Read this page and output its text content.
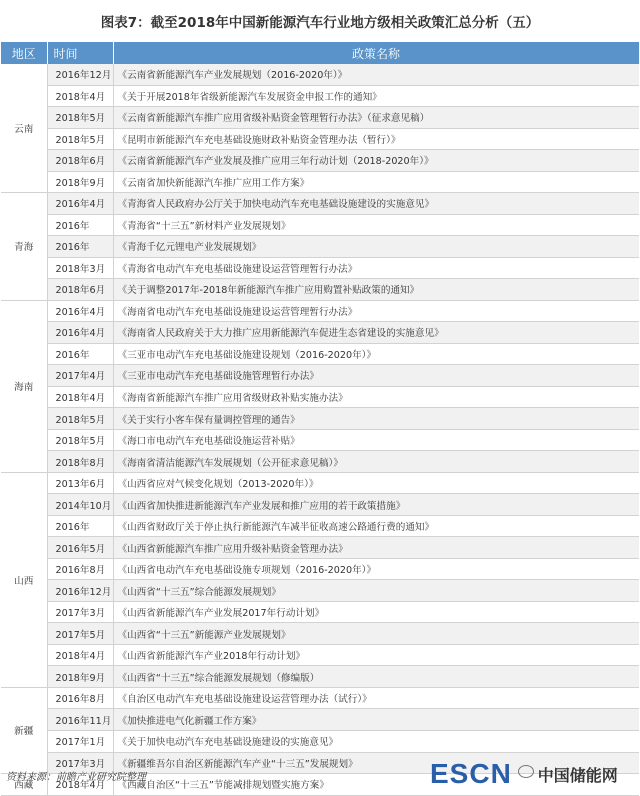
图表7：截至2018年中国新能源汽车行业地方级相关政策汇总分析（五）
地区	时间	政策名称
云南	2016年12月	《云南省新能源汽车产业发展规划（2016-2020年）》
	2018年4月	《关于开展2018年省级新能源汽车发展资金申报工作的通知》
	2018年5月	《云南省新能源汽车推广应用省级补贴资金管理暂行办法》（征求意见稿）
	2018年5月	《昆明市新能源汽车充电基础设施财政补贴资金管理办法（暂行）》
	2018年6月	《云南省新能源汽车产业发展及推广应用三年行动计划（2018-2020年）》
	2018年9月	《云南省加快新能源汽车推广应用工作方案》
青海	2016年4月	《青海省人民政府办公厅关于加快电动汽车充电基础设施建设的实施意见》
	2016年	《青海省“十三五”新材料产业发展规划》
	2016年	《青海千亿元锂电产业发展规划》
	2018年3月	《青海省电动汽车充电基础设施建设运营管理暂行办法》
	2018年6月	《关于调整2017年-2018年新能源汽车推广应用购置补贴政策的通知》
海南	2016年4月	《海南省电动汽车充电基础设施建设运营管理暂行办法》
	2016年4月	《海南省人民政府关于大力推广应用新能源汽车促进生态省建设的实施意见》
	2016年	《三亚市电动汽车充电基础设施建设规划（2016-2020年）》
	2017年4月	《三亚市电动汽车充电基础设施管理暂行办法》
	2018年4月	《海南省新能源汽车推广应用省级财政补贴实施办法》
	2018年5月	《关于实行小客车保有量调控管理的通告》
	2018年5月	《海口市电动汽车充电基础设施运营补贴》
	2018年8月	《海南省清洁能源汽车发展规划（公开征求意见稿）》
山西	2013年6月	《山西省应对气候变化规划（2013-2020年）》
	2014年10月	《山西省加快推进新能源汽车产业发展和推广应用的若干政策措施》
	2016年	《山西省财政厅关于停止执行新能源汽车减半征收高速公路通行费的通知》
	2016年5月	《山西省新能源汽车推广应用升级补贴资金管理办法》
	2016年8月	《山西省电动汽车充电基础设施专项规划（2016-2020年）》
	2016年12月	《山西省“十三五”综合能源发展规划》
	2017年3月	《山西省新能源汽车产业发展2017年行动计划》
	2017年5月	《山西省“十三五”新能源产业发展规划》
	2018年4月	《山西省新能源汽车产业2018年行动计划》
	2018年9月	《山西省“十三五”综合能源发展规划（修编版）
新疆	2016年8月	《自治区电动汽车充电基础设施建设运营管理办法（试行）》
	2016年11月	《加快推进电气化新疆工作方案》
	2017年1月	《关于加快电动汽车充电基础设施建设的实施意见》
	2017年3月	《新疆维吾尔自治区新能源汽车产业“十三五”发展规划》
西藏	2018年4月	《西藏自治区“十三五”节能减排规划暨实施方案》
资料来源：前瞻产业研究院整理	ESCN 中国储能网
